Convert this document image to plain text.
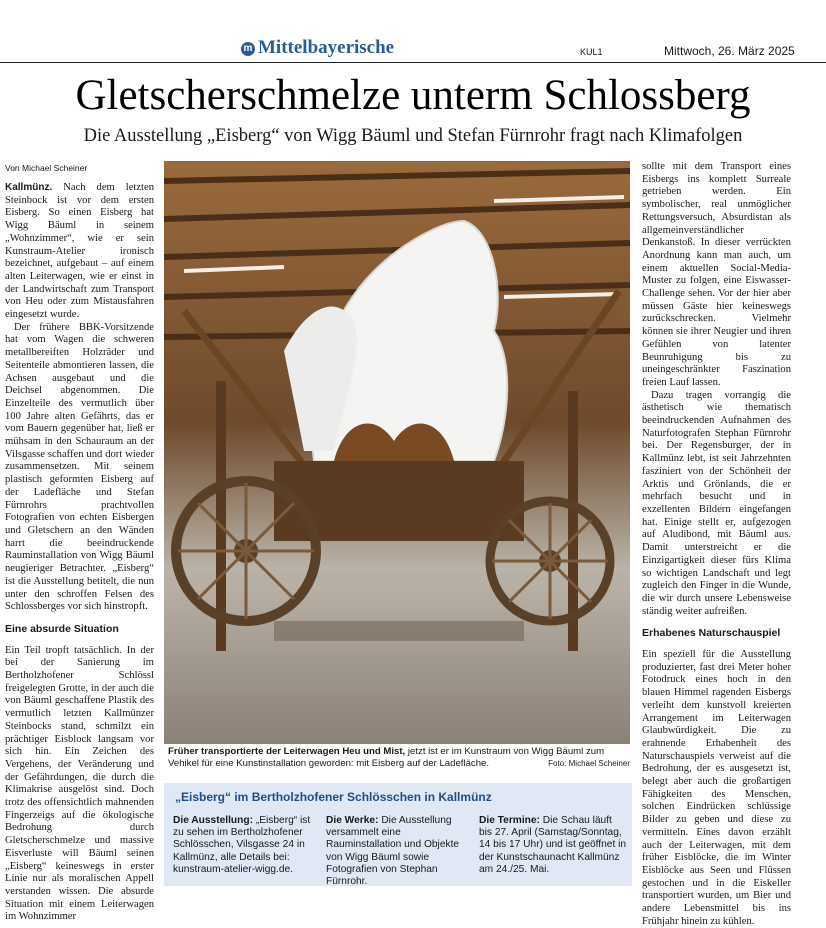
m Mittelbayerische	KUL1	Mittwoch, 26. März 2025
Gletscherschmelze unterm Schlossberg
Die Ausstellung „Eisberg“ von Wigg Bäuml und Stefan Fürnrohr fragt nach Klimafolgen
Von Michael Scheiner

Kallmünz. Nach dem letzten Steinbock ist vor dem ersten Eisberg. So einen Eisberg hat Wigg Bäuml in seinem „Wohnzimmer“, wie er sein Kunstraum-Atelier ironisch bezeichnet, aufgebaut – auf einem alten Leiterwagen, wie er einst in der Landwirtschaft zum Transport von Heu oder zum Mistausfahren eingesetzt wurde.

Der frühere BBK-Vorsitzende hat vom Wagen die schweren metallbereiften Holzräder und Seitenteile abmontieren lassen, die Achsen ausgebaut und die Deichsel abgenommen. Die Einzelteile des vermutlich über 100 Jahre alten Gefährts, das er vom Bauern gegenüber hat, ließ er mühsam in den Schauraum an der Vilsgasse schaffen und dort wieder zusammensetzen. Mit seinem plastisch geformten Eisberg auf der Ladefläche und Stefan Fürnrohrs prachtvollen Fotografien von echten Eisbergen und Gletschern an den Wänden harrt die beeindruckende Rauminstallation von Wigg Bäuml neugieriger Betrachter. „Eisberg“ ist die Ausstellung betitelt, die nun unter den schroffen Felsen des Schlossberges vor sich hinstropft.

Eine absurde Situation

Ein Teil tropft tatsächlich. In der bei der Sanierung im Bertholzhofener Schlössl freigelegten Grotte, in der auch die von Bäuml geschaffene Plastik des vermutlich letzten Kallmünzer Steinbocks stand, schmilzt ein prächtiger Eisblock langsam vor sich hin. Ein Zeichen des Vergehens, der Veränderung und der Gefährdungen, die durch die Klimakrise ausgelöst sind. Doch trotz des offensichtlich mahnenden Fingerzeigs auf die ökologische Bedrohung durch Gletscherschmelze und massive Eisverluste will Bäuml seinen „Eisberg“ keineswegs in erster Linie nur als moralischen Appell verstanden wissen. Die absurde Situation mit einem Leiterwagen im Wohnzimmer

Früher transportierte der Leiterwagen Heu und Mist, jetzt ist er im Kunstraum von Wigg Bäuml zum Vehikel für eine Kunstinstallation geworden: mit Eisberg auf der Ladefläche.	Foto: Michael Scheiner

sollte mit dem Transport eines Eisbergs ins komplett Surreale getrieben werden. Ein symbolischer, real unmöglicher Rettungsversuch, Absurdistan als allgemeinverständlicher Denkanstoß. In dieser verrückten Anordnung kann man auch, um einem aktuellen Social-Media-Muster zu folgen, eine Eiswasser-Challenge sehen. Vor der hier aber müssen Gäste hier keineswegs zurückschrecken. Vielmehr können sie ihrer Neugier und ihren Gefühlen von latenter Beunruhigung bis zu uneingeschränkter Faszination freien Lauf lassen.

Dazu tragen vorrangig die ästhetisch wie thematisch beeindruckenden Aufnahmen des Naturfotografen Stephan Fürnrohr bei. Der Regensburger, der in Kallmünz lebt, ist seit Jahrzehnten fasziniert von der Schönheit der Arktis und Grönlands, die er mehrfach besucht und in exzellenten Bildern eingefangen hat. Einige stellt er, aufgezogen auf Aludibond, mit Bäuml aus. Damit unterstreicht er die Einzigartigkeit dieser fürs Klima so wichtigen Landschaft und legt zugleich den Finger in die Wunde, die wir durch unsere Lebensweise ständig weiter aufreißen.

Erhabenes Naturschauspiel

Ein speziell für die Ausstellung produzierter, fast drei Meter hoher Fotodruck eines hoch in den blauen Himmel ragenden Eisbergs verleiht dem kunstvoll kreierten Arrangement im Leiterwagen Glaubwürdigkeit. Die zu erahnende Erhabenheit des Naturschauspiels verweist auf die Bedrohung, der es ausgesetzt ist, belegt aber auch die großartigen Fähigkeiten des Menschen, solchen Eindrücken schlüssige Bilder zu geben und diese zu vermitteln. Eines davon erzählt auch der Leiterwagen, mit dem früher Eisblöcke, die im Winter Eisblöcke aus Seen und Flüssen gestochen und in die Eiskeller transportiert wurden, um Bier und andere Lebensmittel bis ins Frühjahr hinein zu kühlen.

„Eisberg“ im Bertholzhofener Schlösschen in Kallmünz
Die Ausstellung: „Eisberg“ ist zu sehen im Bertholzhofener Schlösschen, Vilsgasse 24 in Kallmünz, alle Details bei: kunstraum-atelier-wigg.de.
Die Werke: Die Ausstellung versammelt eine Rauminstallation und Objekte von Wigg Bäuml sowie Fotografien von Stephan Fürnrohr.
Die Termine: Die Schau läuft bis 27. April (Samstag/Sonntag, 14 bis 17 Uhr) und ist geöffnet in der Kunstschaunacht Kallmünz am 24./25. Mai.
